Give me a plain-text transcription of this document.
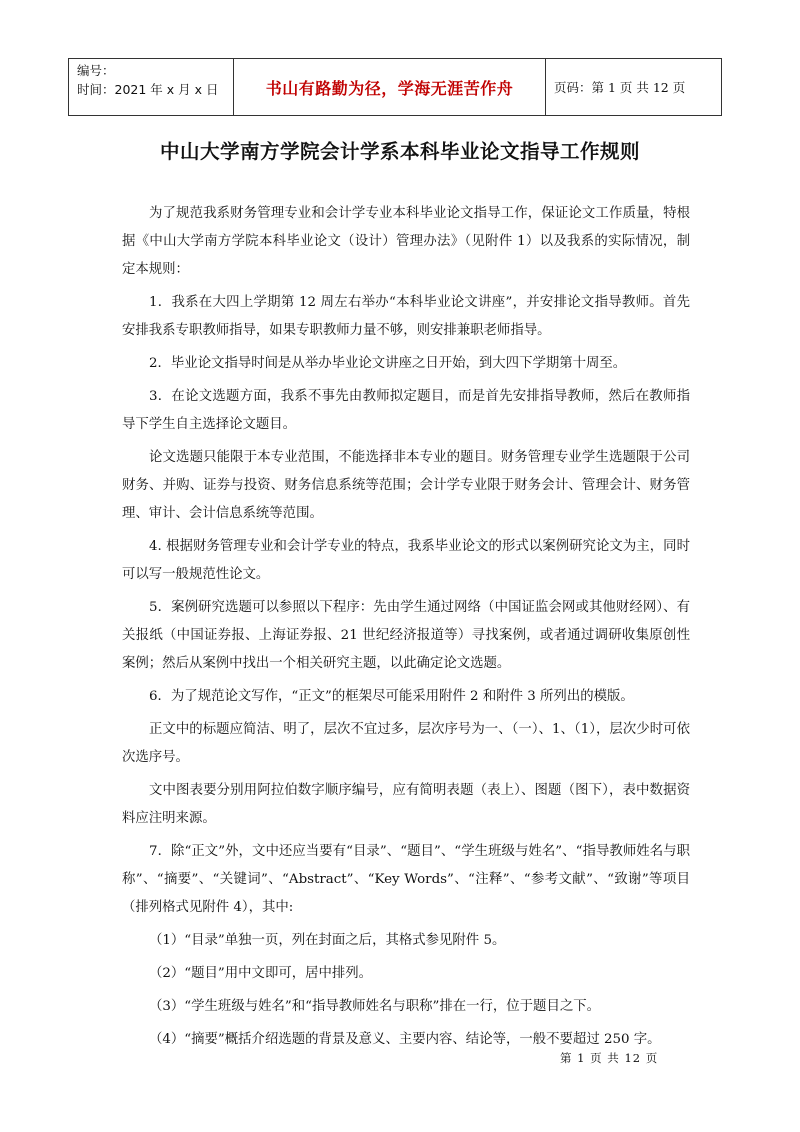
编号：
时间：2021 年 x 月 x 日	书山有路勤为径，学海无涯苦作舟	页码：第 1 页 共 12 页
中山大学南方学院会计学系本科毕业论文指导工作规则

为了规范我系财务管理专业和会计学专业本科毕业论文指导工作，保证论文工作质量，特根据《中山大学南方学院本科毕业论文（设计）管理办法》（见附件 1）以及我系的实际情况，制定本规则：

1．我系在大四上学期第 12 周左右举办“本科毕业论文讲座”，并安排论文指导教师。首先安排我系专职教师指导，如果专职教师力量不够，则安排兼职老师指导。

2．毕业论文指导时间是从举办毕业论文讲座之日开始，到大四下学期第十周至。

3．在论文选题方面，我系不事先由教师拟定题目，而是首先安排指导教师，然后在教师指导下学生自主选择论文题目。

论文选题只能限于本专业范围，不能选择非本专业的题目。财务管理专业学生选题限于公司财务、并购、证券与投资、财务信息系统等范围；会计学专业限于财务会计、管理会计、财务管理、审计、会计信息系统等范围。

4. 根据财务管理专业和会计学专业的特点，我系毕业论文的形式以案例研究论文为主，同时可以写一般规范性论文。

5．案例研究选题可以参照以下程序：先由学生通过网络（中国证监会网或其他财经网）、有关报纸（中国证券报、上海证券报、21 世纪经济报道等）寻找案例，或者通过调研收集原创性案例；然后从案例中找出一个相关研究主题，以此确定论文选题。

6．为了规范论文写作，“正文”的框架尽可能采用附件 2 和附件 3 所列出的模版。

正文中的标题应简洁、明了，层次不宜过多，层次序号为一、（一）、1、（1），层次少时可依次选序号。

文中图表要分别用阿拉伯数字顺序编号，应有简明表题（表上）、图题（图下），表中数据资料应注明来源。

7．除“正文”外，文中还应当要有“目录”、“题目”、“学生班级与姓名”、“指导教师姓名与职称”、“摘要”、“关键词”、“Abstract”、“Key Words”、“注释”、“参考文献”、“致谢”等项目（排列格式见附件 4），其中:

（1）“目录”单独一页，列在封面之后，其格式参见附件 5。

（2）“题目”用中文即可，居中排列。

（3）“学生班级与姓名”和“指导教师姓名与职称”排在一行，位于题目之下。

（4）“摘要”概括介绍选题的背景及意义、主要内容、结论等，一般不要超过 250 字。

第 1 页 共 12 页
